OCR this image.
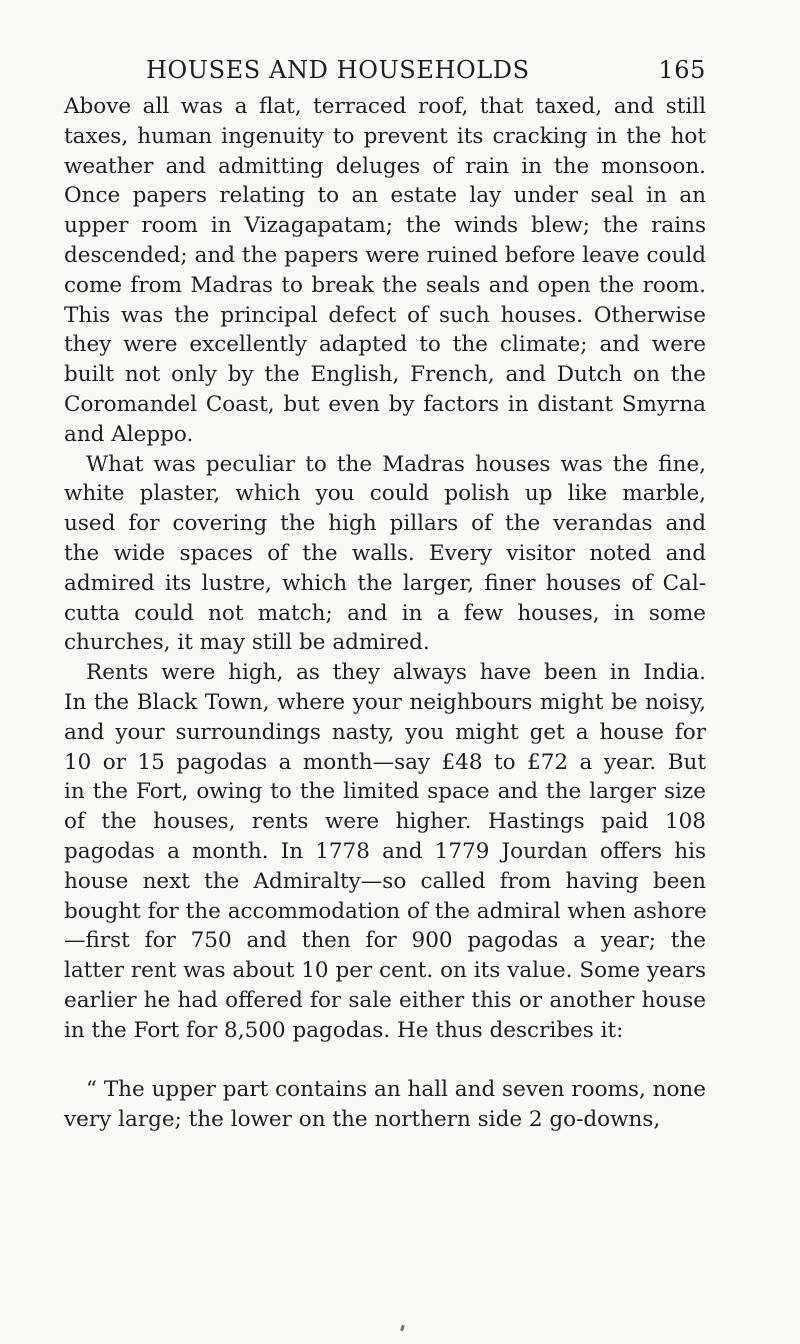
HOUSES AND HOUSEHOLDS	165
Above all was a flat, terraced roof, that taxed, and still
taxes, human ingenuity to prevent its cracking in the hot
weather and admitting deluges of rain in the monsoon.
Once papers relating to an estate lay under seal in an
upper room in Vizagapatam; the winds blew; the rains
descended; and the papers were ruined before leave could
come from Madras to break the seals and open the room.
This was the principal defect of such houses. Otherwise
they were excellently adapted to the climate; and were
built not only by the English, French, and Dutch on the
Coromandel Coast, but even by factors in distant Smyrna
and Aleppo.
What was peculiar to the Madras houses was the fine,
white plaster, which you could polish up like marble,
used for covering the high pillars of the verandas and
the wide spaces of the walls. Every visitor noted and
admired its lustre, which the larger, finer houses of Cal-
cutta could not match; and in a few houses, in some
churches, it may still be admired.
Rents were high, as they always have been in India.
In the Black Town, where your neighbours might be noisy,
and your surroundings nasty, you might get a house for
10 or 15 pagodas a month—say £48 to £72 a year. But
in the Fort, owing to the limited space and the larger size
of the houses, rents were higher. Hastings paid 108
pagodas a month. In 1778 and 1779 Jourdan offers his
house next the Admiralty—so called from having been
bought for the accommodation of the admiral when ashore
—first for 750 and then for 900 pagodas a year; the
latter rent was about 10 per cent. on its value. Some years
earlier he had offered for sale either this or another house
in the Fort for 8,500 pagodas. He thus describes it:
“ The upper part contains an hall and seven rooms, none
very large; the lower on the northern side 2 go-downs,
